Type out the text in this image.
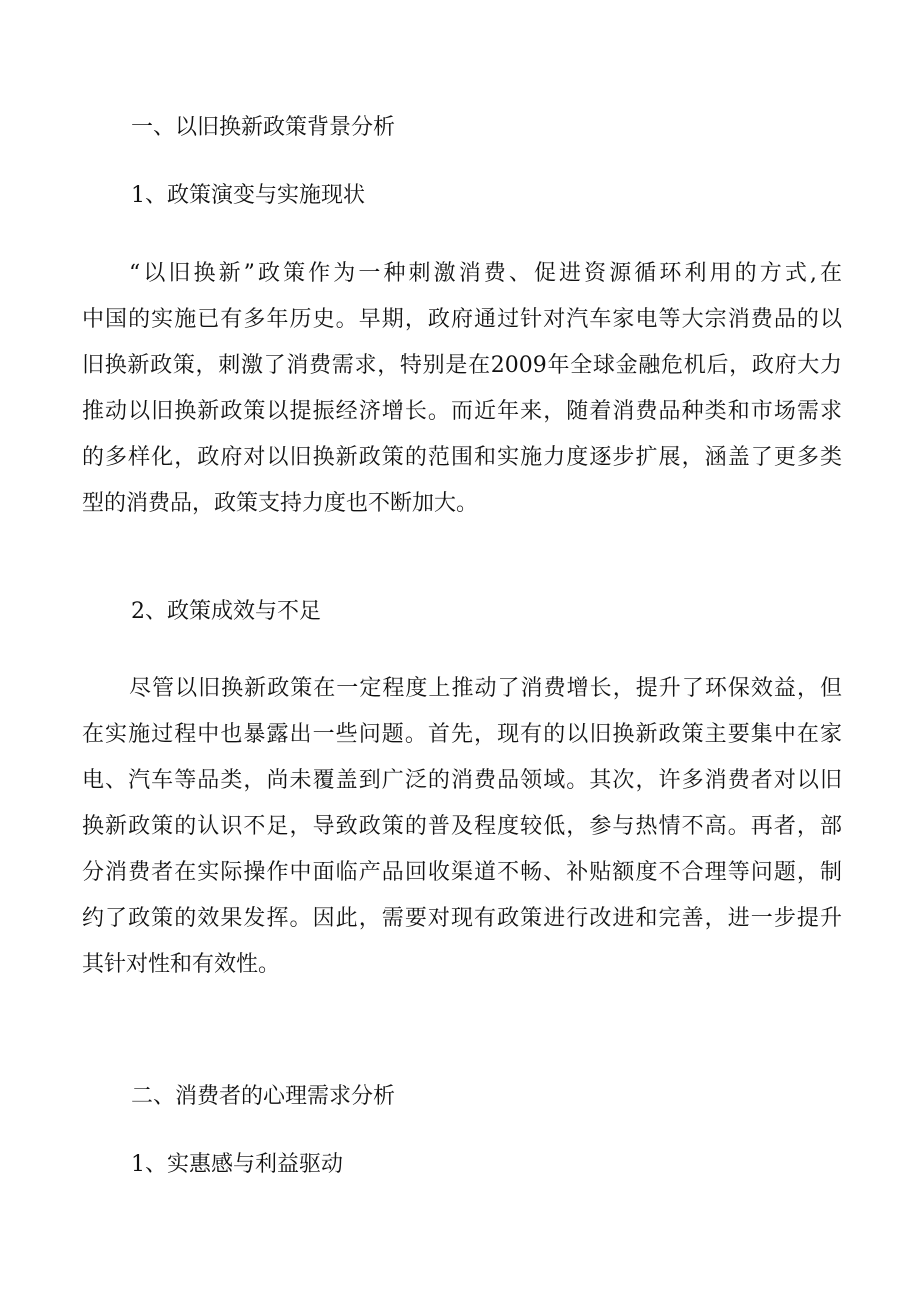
一、以旧换新政策背景分析
1、政策演变与实施现状
“以旧换新”政策作为一种刺激消费、促进资源循环利用的方式,在
中国的实施已有多年历史。早期，政府通过针对汽车家电等大宗消费品的以
旧换新政策，刺激了消费需求，特别是在2009年全球金融危机后，政府大力
推动以旧换新政策以提振经济增长。而近年来，随着消费品种类和市场需求
的多样化，政府对以旧换新政策的范围和实施力度逐步扩展，涵盖了更多类
型的消费品，政策支持力度也不断加大。
2、政策成效与不足
尽管以旧换新政策在一定程度上推动了消费增长，提升了环保效益，但
在实施过程中也暴露出一些问题。首先，现有的以旧换新政策主要集中在家
电、汽车等品类，尚未覆盖到广泛的消费品领域。其次，许多消费者对以旧
换新政策的认识不足，导致政策的普及程度较低，参与热情不高。再者，部
分消费者在实际操作中面临产品回收渠道不畅、补贴额度不合理等问题，制
约了政策的效果发挥。因此，需要对现有政策进行改进和完善，进一步提升
其针对性和有效性。
二、消费者的心理需求分析
1、实惠感与利益驱动
